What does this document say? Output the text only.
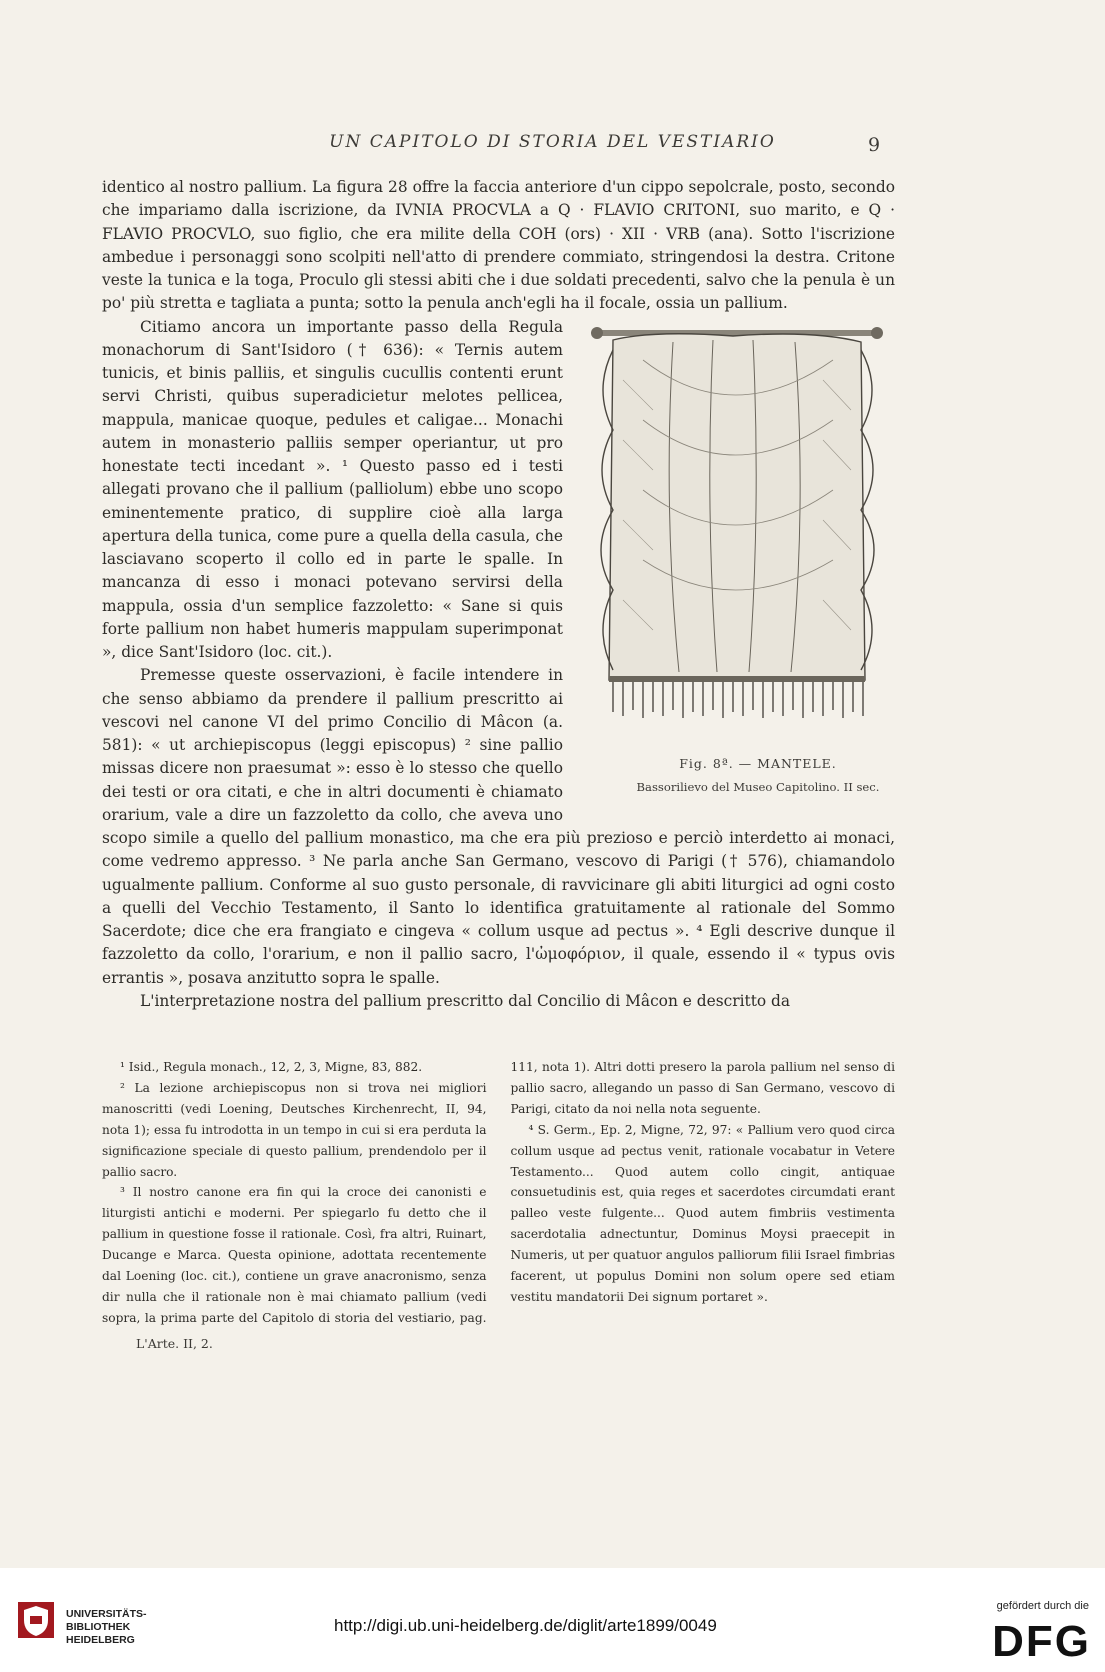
UN CAPITOLO DI STORIA DEL VESTIARIO	9

identico al nostro pallium. La figura 28 offre la faccia anteriore d'un cippo sepolcrale, posto, secondo che impariamo dalla iscrizione, da IVNIA PROCVLA a Q · FLAVIO CRITONI, suo marito, e Q · FLAVIO PROCVLO, suo figlio, che era milite della COH (ors) · XII · VRB (ana). Sotto l'iscrizione ambedue i personaggi sono scolpiti nell'atto di prendere commiato, stringendosi la destra. Critone veste la tunica e la toga, Proculo gli stessi abiti che i due soldati precedenti, salvo che la penula è un po' più stretta e tagliata a punta; sotto la penula anch'egli ha il focale, ossia un pallium.

Fig. 8ª. — MANTELE.
Bassorilievo del Museo Capitolino. II sec.
Citiamo ancora un importante passo della Regula monachorum di Sant'Isidoro († 636): « Ternis autem tunicis, et binis palliis, et singulis cucullis contenti erunt servi Christi, quibus superadicietur melotes pellicea, mappula, manicae quoque, pedules et caligae... Monachi autem in monasterio palliis semper operiantur, ut pro honestate tecti incedant ». ¹ Questo passo ed i testi allegati provano che il pallium (palliolum) ebbe uno scopo eminentemente pratico, di supplire cioè alla larga apertura della tunica, come pure a quella della casula, che lasciavano scoperto il collo ed in parte le spalle. In mancanza di esso i monaci potevano servirsi della mappula, ossia d'un semplice fazzoletto: « Sane si quis forte pallium non habet humeris mappulam superimponat », dice Sant'Isidoro (loc. cit.).

Premesse queste osservazioni, è facile intendere in che senso abbiamo da prendere il pallium prescritto ai vescovi nel canone VI del primo Concilio di Mâcon (a. 581): « ut archiepiscopus (leggi episcopus) ² sine pallio missas dicere non praesumat »: esso è lo stesso che quello dei testi or ora citati, e che in altri documenti è chiamato orarium, vale a dire un fazzoletto da collo, che aveva uno scopo simile a quello del pallium monastico, ma che era più prezioso e perciò interdetto ai monaci, come vedremo appresso. ³ Ne parla anche San Germano, vescovo di Parigi († 576), chiamandolo ugualmente pallium. Conforme al suo gusto personale, di ravvicinare gli abiti liturgici ad ogni costo a quelli del Vecchio Testamento, il Santo lo identifica gratuitamente al rationale del Sommo Sacerdote; dice che era frangiato e cingeva « collum usque ad pectus ». ⁴ Egli descrive dunque il fazzoletto da collo, l'orarium, e non il pallio sacro, l'ὠμοφόριον, il quale, essendo il « typus ovis errantis », posava anzitutto sopra le spalle.

L'interpretazione nostra del pallium prescritto dal Concilio di Mâcon e descritto da

¹ Isid., Regula monach., 12, 2, 3, Migne, 83, 882.

² La lezione archiepiscopus non si trova nei migliori manoscritti (vedi Loening, Deutsches Kirchenrecht, II, 94, nota 1); essa fu introdotta in un tempo in cui si era perduta la significazione speciale di questo pallium, prendendolo per il pallio sacro.

³ Il nostro canone era fin qui la croce dei canonisti e liturgisti antichi e moderni. Per spiegarlo fu detto che il pallium in questione fosse il rationale. Così, fra altri, Ruinart, Ducange e Marca. Questa opinione, adottata recentemente dal Loening (loc. cit.), contiene un grave anacronismo, senza dir nulla che il rationale non è mai chiamato pallium (vedi sopra, la prima parte del Capitolo di storia del vestiario, pag. 111, nota 1). Altri dotti presero la parola pallium nel senso di pallio sacro, allegando un passo di San Germano, vescovo di Parigi, citato da noi nella nota seguente.

⁴ S. Germ., Ep. 2, Migne, 72, 97: « Pallium vero quod circa collum usque ad pectus venit, rationale vocabatur in Vetere Testamento... Quod autem collo cingit, antiquae consuetudinis est, quia reges et sacerdotes circumdati erant palleo veste fulgente... Quod autem fimbriis vestimenta sacerdotalia adnectuntur, Dominus Moysi praecepit in Numeris, ut per quatuor angulos palliorum filii Israel fimbrias facerent, ut populus Domini non solum opere sed etiam vestitu mandatorii Dei signum portaret ».

L'Arte. II, 2.
UNIVERSITÄTS-
BIBLIOTHEK
HEIDELBERG
http://digi.ub.uni-heidelberg.de/diglit/arte1899/0049
gefördert durch die
DFG
